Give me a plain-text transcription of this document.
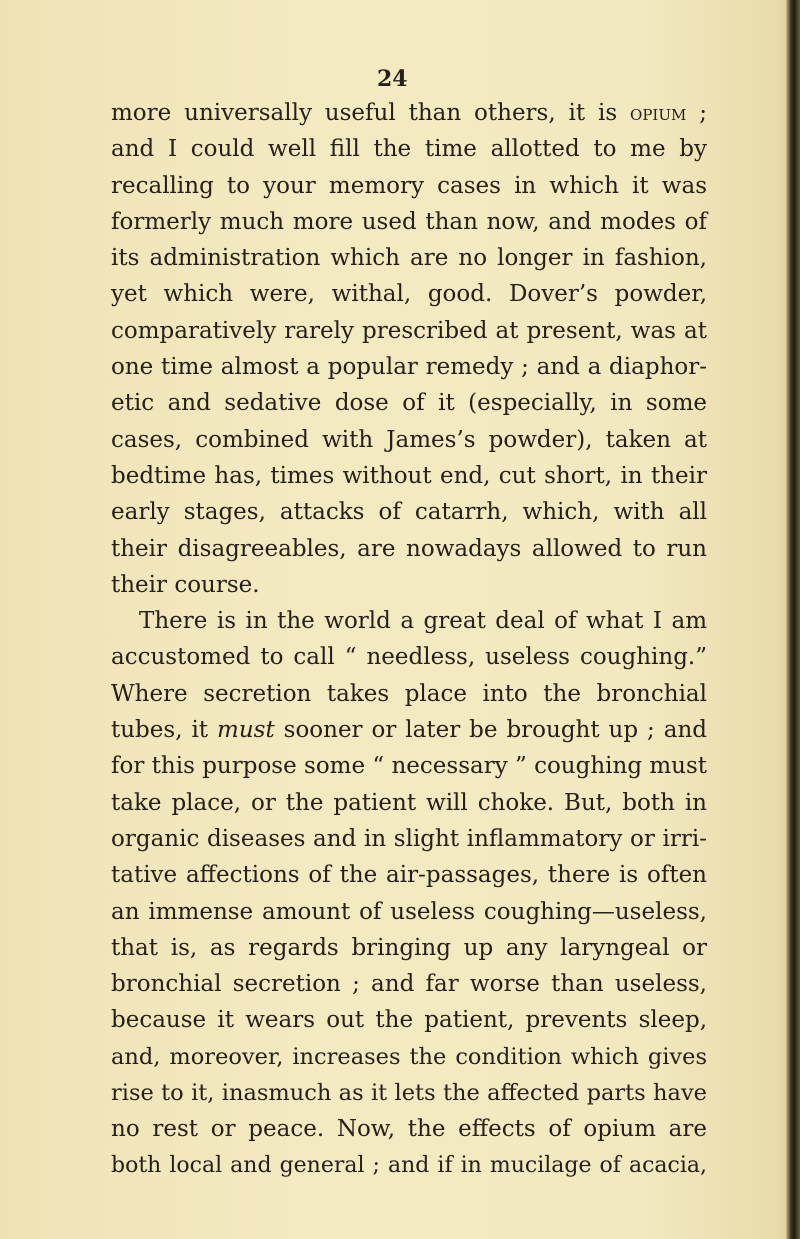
24

more universally useful than others, it is opium ;

and I could well fill the time allotted to me by

recalling to your memory cases in which it was

formerly much more used than now, and modes of

its administration which are no longer in fashion,

yet which were, withal, good. Dover’s powder,

comparatively rarely prescribed at present, was at

one time almost a popular remedy ; and a diaphor-

etic and sedative dose of it (especially, in some

cases, combined with James’s powder), taken at

bedtime has, times without end, cut short, in their

early stages, attacks of catarrh, which, with all

their disagreeables, are nowadays allowed to run

their course.

There is in the world a great deal of what I am

accustomed to call “ needless, useless coughing.”

Where secretion takes place into the bronchial

tubes, it must sooner or later be brought up ; and

for this purpose some “ necessary ” coughing must

take place, or the patient will choke. But, both in

organic diseases and in slight inflammatory or irri-

tative affections of the air-passages, there is often

an immense amount of useless coughing—useless,

that is, as regards bringing up any laryngeal or

bronchial secretion ; and far worse than useless,

because it wears out the patient, prevents sleep,

and, moreover, increases the condition which gives

rise to it, inasmuch as it lets the affected parts have

no rest or peace. Now, the effects of opium are

both local and general ; and if in mucilage of acacia,
